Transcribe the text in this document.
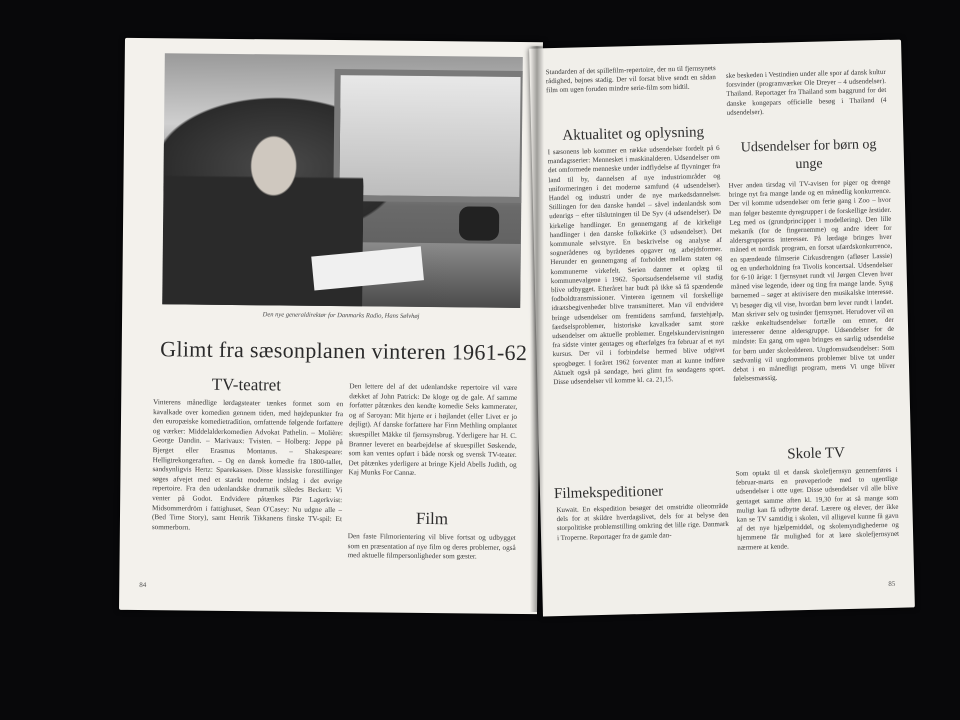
Den nye generaldirektør for Danmarks Radio, Hans Sølvhøj
Glimt fra sæsonplanen vinteren 1961-62
TV-teatret
Vinterens månedlige lørdagsteater tænkes formet som en kavalkade over komedien gennem tiden, med højdepunkter fra den europæiske komedietradition, omfattende følgende forfattere og værker: Middelalderkomedien Advokat Pathelin. – Molière: George Dandin. – Marivaux: Tvisten. – Holberg: Jeppe på Bjerget eller Erasmus Montanus. – Shakespeare: Helligtrekongeraften. – Og en dansk komedie fra 1800-tallet, sandsynligvis Hertz: Sparekassen. Disse klassiske forestillinger søges afvejet med et stærkt moderne indslag i det øvrige repertoire. Fra den udenlandske dramatik således Beckett: Vi venter på Godot. Endvidere påtænkes Pär Lagerkvist: Midsommerdröm i fattighuset, Sean O'Casey: Nu udgne alle – (Bed Time Story), samt Henrik Tikkanens finske TV-spil: Et sommerborn.
Den lettere del af det udenlandske repertoire vil være dækket af John Patrick: De kloge og de gale. Af samme forfatter påtænkes den kendte komedie Seks kammerater, og af Saroyan: Mit hjerte er i højlandet (eller Livet er jo dejligt). Af danske forfattere har Finn Methling omplantet skuespillet Mäkke til fjernsynsbrug. Yderligere har H. C. Branner leveret en bearbejdelse af skuespillet Søskende, som kan ventes opført i både norsk og svensk TV-teater. Det påtænkes yderligere at bringe Kjeld Abells Judith, og Kaj Munks For Cannæ.
Film
Den faste Filmorientering vil blive fortsat og udbygget som en præsentation af nye film og deres problemer, også med aktuelle filmpersonligheder som gæster.
84
Standarden af det spillefilm-repertoire, der nu til fjernsynets rådighed, bøjnes stadig. Der vil forsat blive sendt en sådan film om ugen foruden mindre serie-film som hidtil.
ske beskeden i Vestindien under alle spor af dansk kultur forsvinder (programværker Ole Dreyer – 4 udsendelser). Thailand. Reportager fra Thailand som baggrund for det danske kongepars officielle besøg i Thailand (4 udsendelser).
Aktualitet og oplysning
I sæsonens løb kommer en række udsendelser fordelt på 6 mandagsserier: Mennesket i maskinalderen. Udsendelser om det omformede menneske under indflydelse af flyvninger fra land til by, dannelsen af nye industriområder og uniformeringen i det moderne samfund (4 udsendelser). Handel og industri under de nye markedsdannelser. Stillingen for den danske handel – såvel indenlandsk som udenrigs – efter tilslutningen til De Syv (4 udsendelser). De kirkelige handlinger. En gennemgang af de kirkelige handlinger i den danske folkekirke (3 udsendelser). Det kommunale selvstyre. En beskrivelse og analyse af sognerådenes og byrådenes opgaver og arbejdsformer. Herunder en gennemgang af forholdet mellem staten og kommunerne virkefelt. Serien danner et oplæg til kommunevalgene i 1962. Sportsudsendelserne vil stadig blive udbygget. Efteråret har budt på ikke så få spændende fodboldtransmissioner. Vinteren igennem vil forskellige idrætsbegivenheder blive transmitteret. Man vil endvidere bringe udsendelser om fremtidens samfund, førstehjælp, færdselsproblemer, historiske kavalkader samt store udsendelser om aktuelle problemer. Engelskundervisningen fra sidste vinter gentages og efterfølges fra februar af et nyt kursus. Der vil i forbindelse hermed blive udgivet sprogbøger. I foråret 1962 forventer man at kunne indføre Aktuelt også på søndage, heri glimt fra søndagens sport. Disse udsendelser vil komme kl. ca. 21,15.
Filmekspeditioner
Kuwait. En ekspedition besøger det omstridte olieområde dels for at skildre hverdagslivet, dels for at belyse den storpolitiske problemstilling omkring det lille rige. Danmark i Troperne. Reportager fra de gamle dan-
Udsendelser for børn og unge
Hver anden tirsdag vil TV-avisen for piger og drenge bringe nyt fra mange lande og en månedlig konkurrence. Der vil komme udsendelser om ferie gang i Zoo – hvor man følger bestemte dyregrupper i de forskellige årstider. Leg med os (grundprincipper i modellering). Den lille mekanik (for de fingernemme) og andre ideer for aldersgrupperns interesser. På lørdage bringes hver måned et nordisk program, en forsat ufærdskonkurrence, en spændende filmserie Cirkusdrengen (afløser Lassie) og en underholdning fra Tivolis koncertsal. Udsendelser for 6-10 årige: I fjernsynet rundt vil Jørgen Cleven hver måned vise legende, ideer og ting fra mange lande. Syng børnemed – søger at aktivisere den musikalske interesse. Vi besøger dig vil vise, hvordan børn lever rundt i landet. Man skriver selv og tusinder fjernsynet. Herudover vil en række enkeltudsendelser fortælle om emner, der interesserer denne aldersgruppe. Udsendelser for de mindste: En gang om ugen bringes en særlig udsendelse for børn under skolealderen. Ungdomsudsendelser: Som sædvanlig vil ungdommens problemer blive tat under debat i en månedligt program, mens Vi unge bliver følelsesmæssig.
Skole TV
Som optakt til et dansk skolefjernsyn gennemføres i februar-marts en prøveperiode med to ugentlige udsendelser i otte uger. Disse udsendelser vil alle blive gentaget samme aften kl. 19,30 for at så mange som muligt kan få udbytte deraf. Lærere og elever, der ikke kan se TV samtidig i skolen, vil alligevel kunne få gavn af det nye hjælpemiddel, og skolemyndighederne og hjemmene får mulighed for at lære skolefjernsynet nærmere at kende.
85
